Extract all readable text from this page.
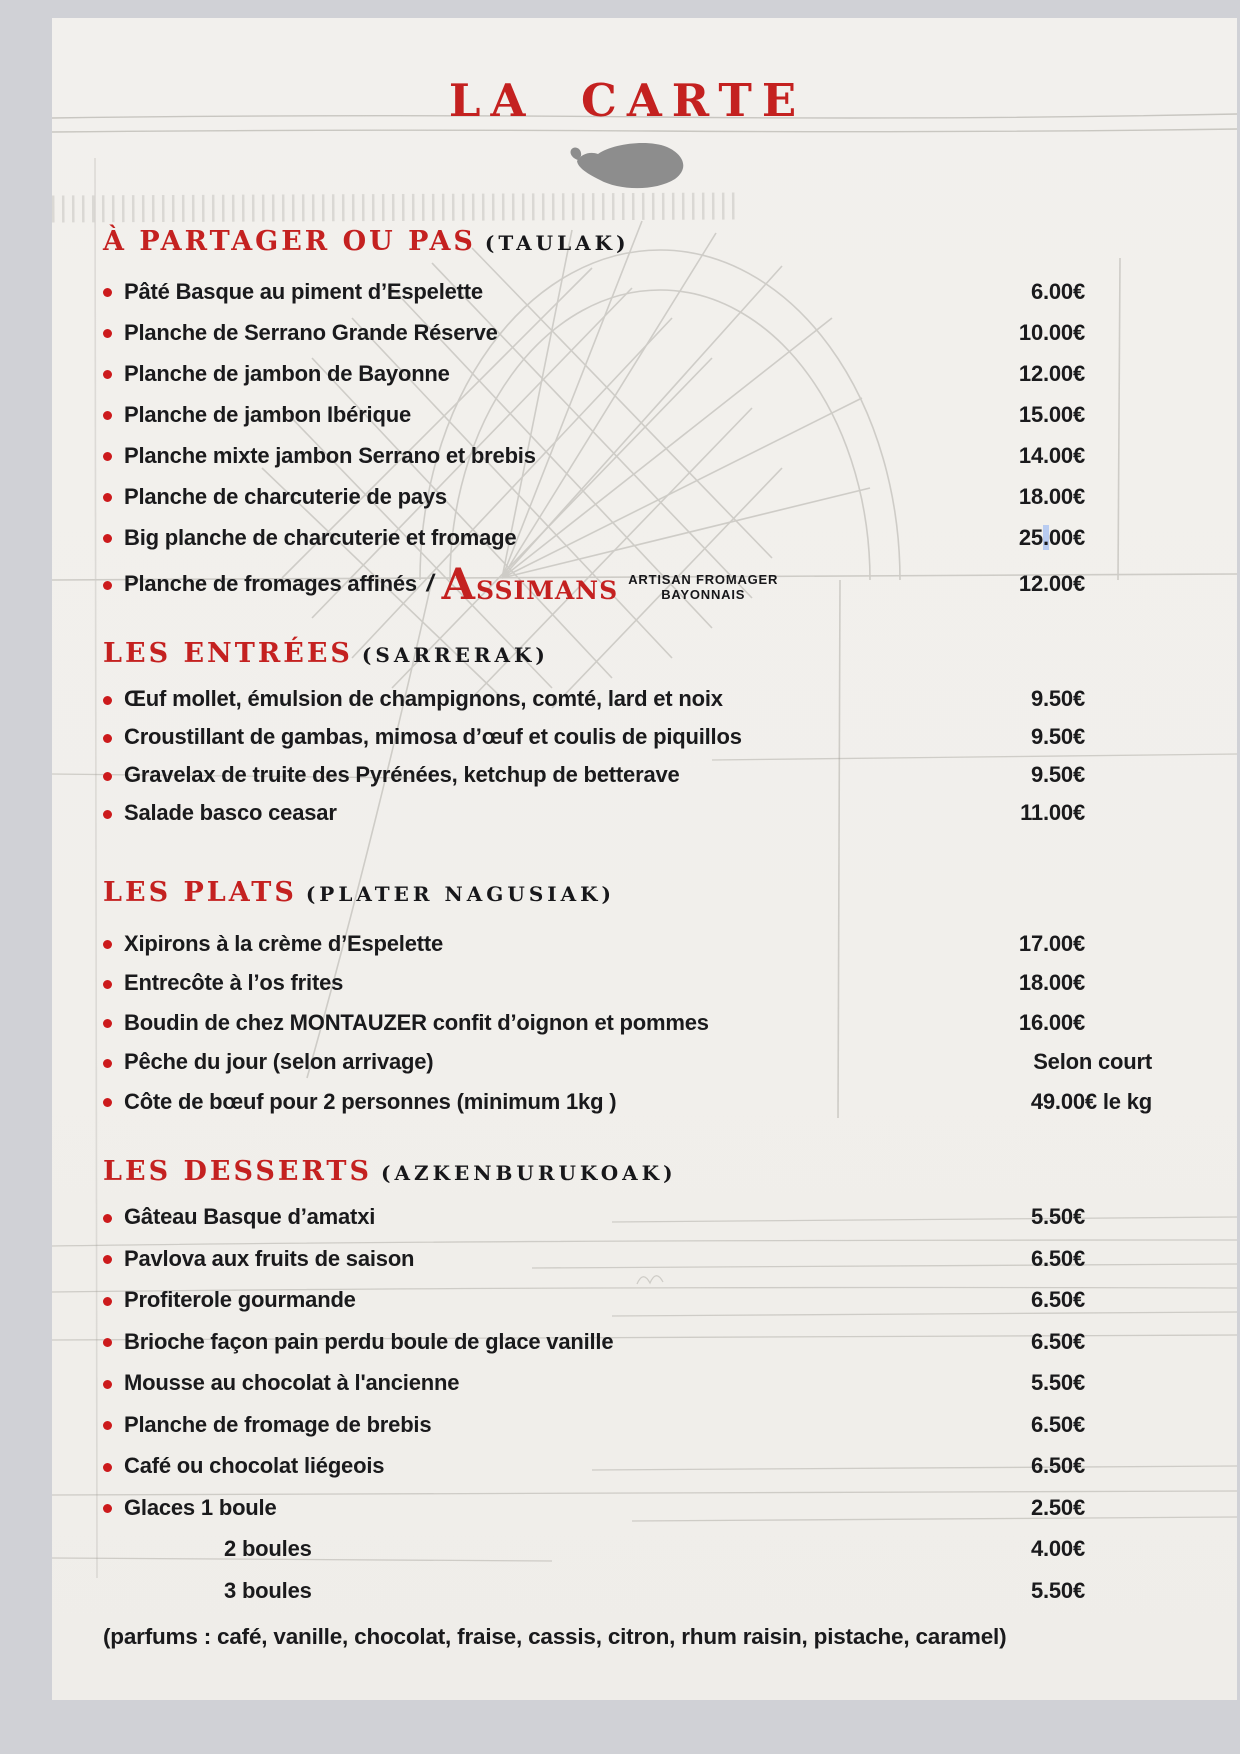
LA CARTE
À PARTAGER OU PAS (TAULAK)
Pâté Basque au piment d’Espelette	6.00€
Planche de Serrano Grande Réserve	10.00€
Planche de jambon de Bayonne	12.00€
Planche de jambon Ibérique	15.00€
Planche mixte jambon Serrano et brebis	14.00€
Planche de charcuterie de pays	18.00€
Big planche de charcuterie et fromage	25.00€
Planche de fromages affinés / ASSIMANS ARTISAN FROMAGER
BAYONNAIS	12.00€
LES ENTRÉES (SARRERAK)
Œuf mollet, émulsion de champignons, comté, lard et noix	9.50€
Croustillant de gambas, mimosa d’œuf et coulis de piquillos	9.50€
Gravelax de truite des Pyrénées, ketchup de betterave	9.50€
Salade basco ceasar	11.00€
LES PLATS (PLATER NAGUSIAK)
Xipirons à la crème d’Espelette	17.00€
Entrecôte à l’os frites	18.00€
Boudin de chez MONTAUZER confit d’oignon et pommes	16.00€
Pêche du jour (selon arrivage)	Selon court
Côte de bœuf pour 2 personnes (minimum 1kg )	49.00€ le kg
LES DESSERTS (AZKENBURUKOAK)
Gâteau Basque d’amatxi	5.50€
Pavlova aux fruits de saison	6.50€
Profiterole gourmande	6.50€
Brioche façon pain perdu boule de glace vanille	6.50€
Mousse au chocolat à l'ancienne	5.50€
Planche de fromage de brebis	6.50€
Café ou chocolat liégeois	6.50€
Glaces 1 boule	2.50€
2 boules	4.00€
3 boules	5.50€

(parfums : café, vanille, chocolat, fraise, cassis, citron, rhum raisin, pistache, caramel)
